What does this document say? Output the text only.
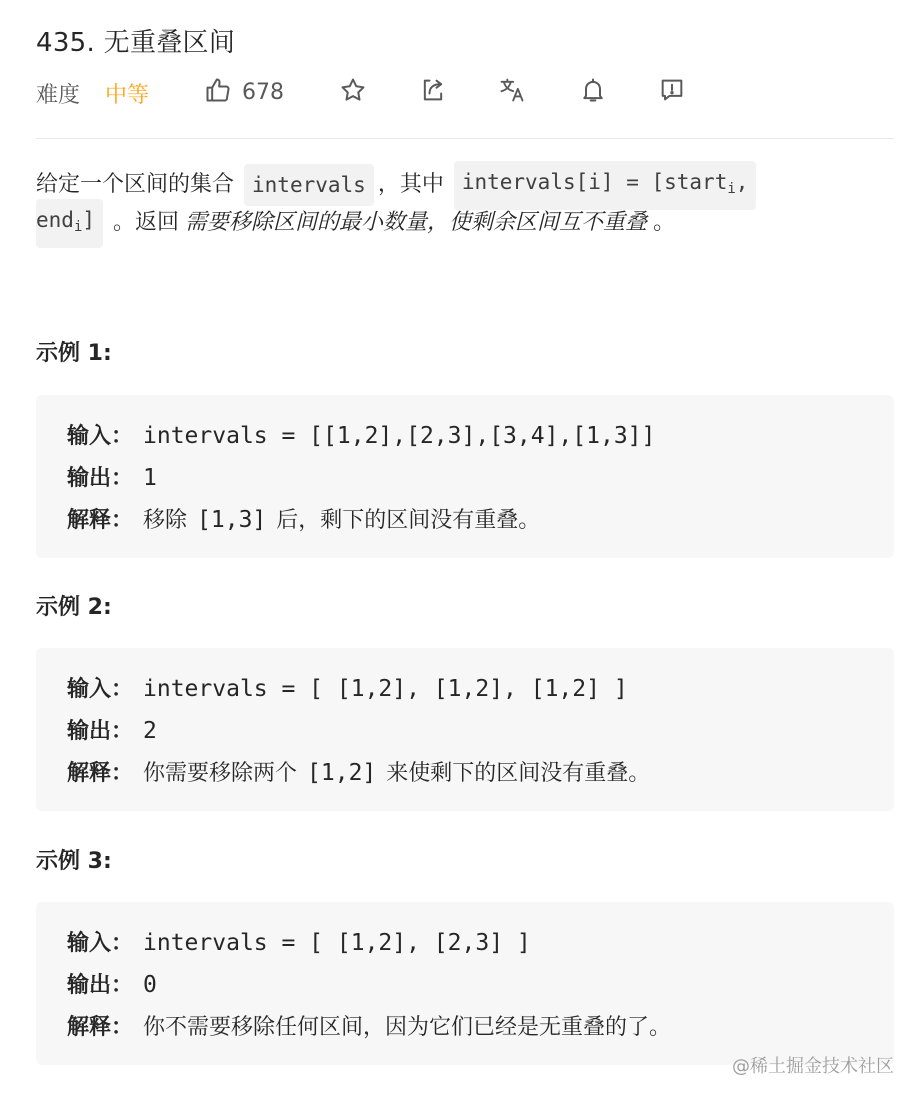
435. 无重叠区间
难度 中等	678
给定一个区间的集合 intervals ，其中 intervals[i] = [start$_i$,
end$_i$] 。返回 需要移除区间的最小数量，使剩余区间互不重叠 。
示例 1:
输入： intervals = [[1,2],[2,3],[3,4],[1,3]]
输出： 1
解释： 移除 [1,3] 后，剩下的区间没有重叠。
示例 2:
输入： intervals = [ [1,2], [1,2], [1,2] ]
输出： 2
解释： 你需要移除两个 [1,2] 来使剩下的区间没有重叠。
示例 3:
输入： intervals = [ [1,2], [2,3] ]
输出： 0
解释： 你不需要移除任何区间，因为它们已经是无重叠的了。
@稀土掘金技术社区
